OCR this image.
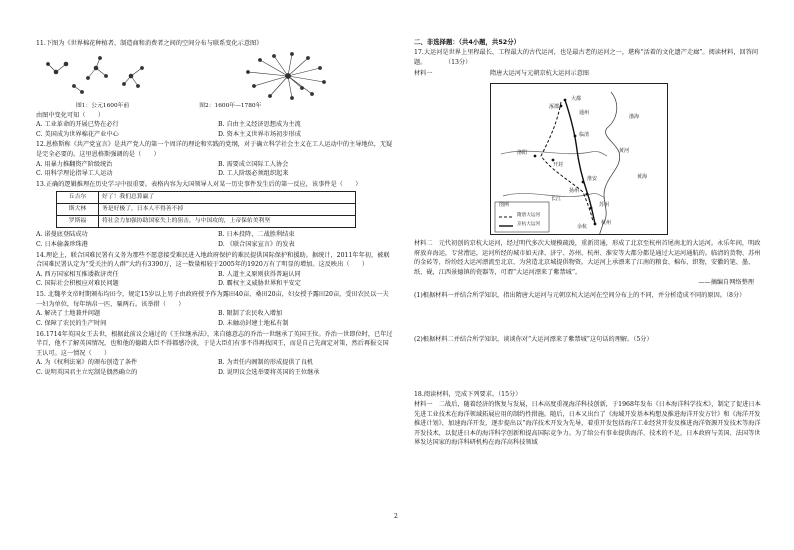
11.下图为《世界棉花种植者、制造商和消费者之间的空间分布与联系变化示意图》

图1：公元1600年前	图2：1600年—1780年

由图中变化可知（　　）

A. 工业革命的开展已势在必行	B. 自由主义经济思想成为主流
C. 美国成为世界棉花产业中心	D. 资本主义世界市场初步形成

12.恩格斯称《共产党宣言》是共产党人的第一个周详的理论和实践的党纲，对于确立科学社会主义在工人运动中的主导地位，无疑是完全必要的。这里恩格斯强调的是（　　）

A. 用暴力推翻资产阶级统治	B. 需要成立国际工人协会
C. 用科学理论指导工人运动	D. 工人阶级必须组织起来

13.正确的逻辑推理在历史学习中很重要。表格内容为大国领导人对某一历史事件发生后的第一反应，该事件是（　　）

丘吉尔	好了！我们总算赢了
斯大林	务是好极了，日本人不得善不掉
罗斯福	将社会力加强协助国家失上的狙击，与中国攻的，上帝保佑美利坚
A. 诺曼底登陆成功	B. 日本投降，二战胜利结束
C. 日本偷袭珍珠港	D. 《联合国家宣言》的发表

14.理论上，联合国难民署有义务为那些不愿意接受难民进入地政府保护的难民提供国际保护和援助。据统计，2011年年初，被联合国难民署认定为“受关注的人群”大约有3390万，这一数量相较于2005年的1920万有了明显的增加。这反映出（　　）

A. 西方国家相互推诿救济责任	B. 人道主义原则获得普遍认同
C. 国际社会积极应对难民问题	D. 霸权主义威胁世界和平安定

15. 北魏孝文帝时期颁布均田令，规定15岁以上男子由政府授予作为露田40亩、桑田20亩，妇女授予露田20亩，受田农民以一夫一妇为单位，每年纳帛一匹、粟两石。该举措（　　）

A. 解决了土地兼并问题	B. 限制了农民收入增加
C. 保障了农民的生产时间	D. 未触动封建土地私有制

16.1714年英国女王去世，根据此前议会通过的《王位继承法》，来自德意志的乔治一世继承了英国王位。乔治一世即位时，已年过半百，他不了解英国情况，也和他的德籍大臣不得都感冷淡，于是大臣们有事不得再找国王，而是自己先商定对策，然后再报交国王认可。这一情况（　　）

A. 为《权利法案》的颁布创造了条件	B. 为责任内阁制的形成提供了良机
C. 说明英国君主立宪制是偶然确立的	D. 说明议会选举要将英国的王位继承

二、非选择题：（共4小题，共52分）

17.大运河是世界上里程最长、工程最大的古代运河，也是最古老的运河之一，堪称“活着的文化遗产走廊”。阅读材料，回答问题。　　　　（13分）

材料一	隋唐大运河与元朝京杭大运河示意图
大都
涿郡
通州
临清
黄河
洛阳
开封
淮安
扬州
苏州
杭州
长江
渤海
余杭
黄海
图例
隋唐大运河
京杭大运河

材料二　 元代初创的京杭大运河，经过明代多次大规模疏浚，重新贯通，形成了北京至杭州首尾南北的大运河。永乐年间，明政府放弃海运，专营漕运，运河所经的城市如天津、济宁、苏州、杭州、淮安等大都分都是通过大运河通航的。临清的货物、苏州的金砖等，纷纷经大运河漂流至北京，为营造北京城提供物资。大运河上承漂来了江南的粮食、棉布、织物，安徽的笔、墨、纸、砚，江西景德镇的瓷器等，可谓“大运河漂来了紫禁城”。

——摘编自网络整理

(1)根据材料一并结合所学知识，指出隋唐大运河与元朝京杭大运河在空间分布上的不同，并分析造成不同的原因。（8分）

(2)根据材料二并结合所学知识，谈谈你对“大运河漂来了紫禁城”这句话的理解。（5分）

18.阅读材料，完成下列要求。（15分）

材料一　 二战后，随着经济的恢复与发展，日本高度重视海洋科技创新，于1968年发布《日本海洋科学技术》，制定了促进日本先进工业技术在海洋领域拓展应用的制约性措施。随后，日本又出台了《海域开发基本构想及推进海洋开发方针》和《海洋开发推进计划》，加速海洋开发，逐步提出以“海洋技术开发为先导，着重开发包括海洋工业经营开发及推进海洋资源开发技术等海洋开发技术，以促进日本的海洋科学创新和提高国际竞争力。为了给公有事业提供海洋、技术的不足，日本政府与美国、法国等世界发达国家的海洋科研机构在海洋高科技领域

2
